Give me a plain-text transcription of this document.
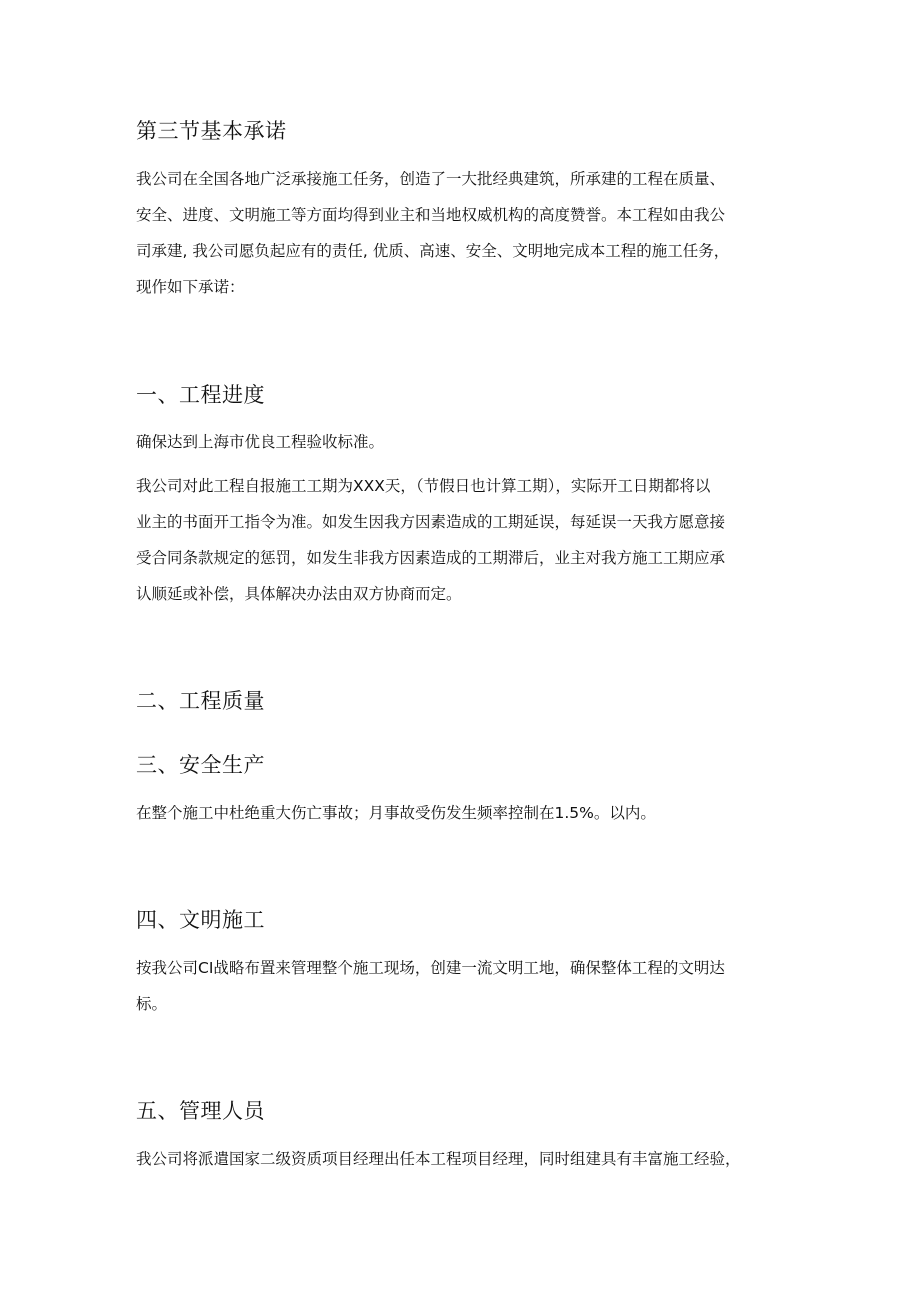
第三节基本承诺
我公司在全国各地广泛承接施工任务，创造了一大批经典建筑，所承建的工程在质量、
安全、进度、文明施工等方面均得到业主和当地权威机构的高度赞誉。本工程如由我公
司承建, 我公司愿负起应有的责任, 优质、高速、安全、文明地完成本工程的施工任务，
现作如下承诺：
一、工程进度
确保达到上海市优良工程验收标准。
我公司对此工程自报施工工期为XXX天，（节假日也计算工期），实际开工日期都将以
业主的书面开工指令为准。如发生因我方因素造成的工期延误，每延误一天我方愿意接
受合同条款规定的惩罚，如发生非我方因素造成的工期滞后，业主对我方施工工期应承
认顺延或补偿，具体解决办法由双方协商而定。
二、工程质量
三、安全生产
在整个施工中杜绝重大伤亡事故；月事故受伤发生频率控制在1.5%。以内。
四、文明施工
按我公司CI战略布置来管理整个施工现场，创建一流文明工地，确保整体工程的文明达
标。
五、管理人员
我公司将派遣国家二级资质项目经理出任本工程项目经理，同时组建具有丰富施工经验，
